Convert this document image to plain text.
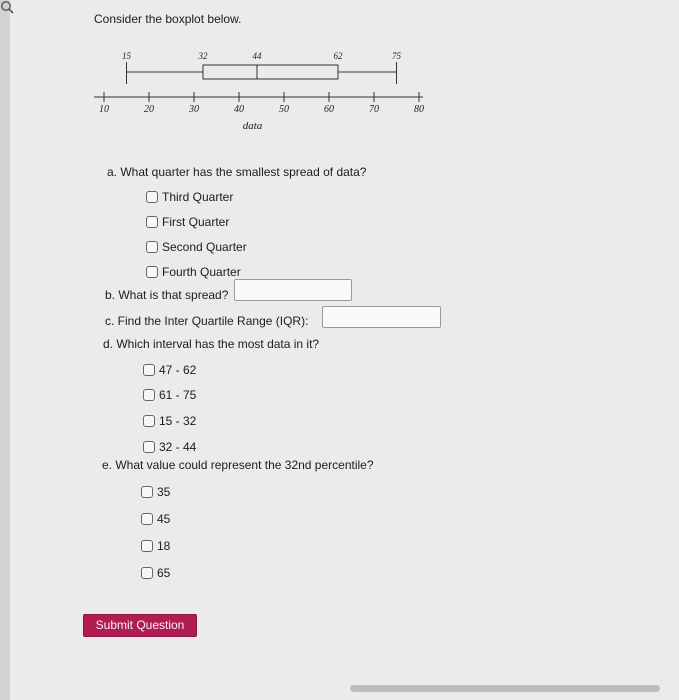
Consider the boxplot below.
15	32	44	62	75
10	20	30	40	50	60	70	80
data
a. What quarter has the smallest spread of data?
Third Quarter
First Quarter
Second Quarter
Fourth Quarter
b. What is that spread?
c. Find the Inter Quartile Range (IQR):
d. Which interval has the most data in it?
47 - 62
61 - 75
15 - 32
32 - 44
e. What value could represent the 32nd percentile?
35
45
18
65
Submit Question
